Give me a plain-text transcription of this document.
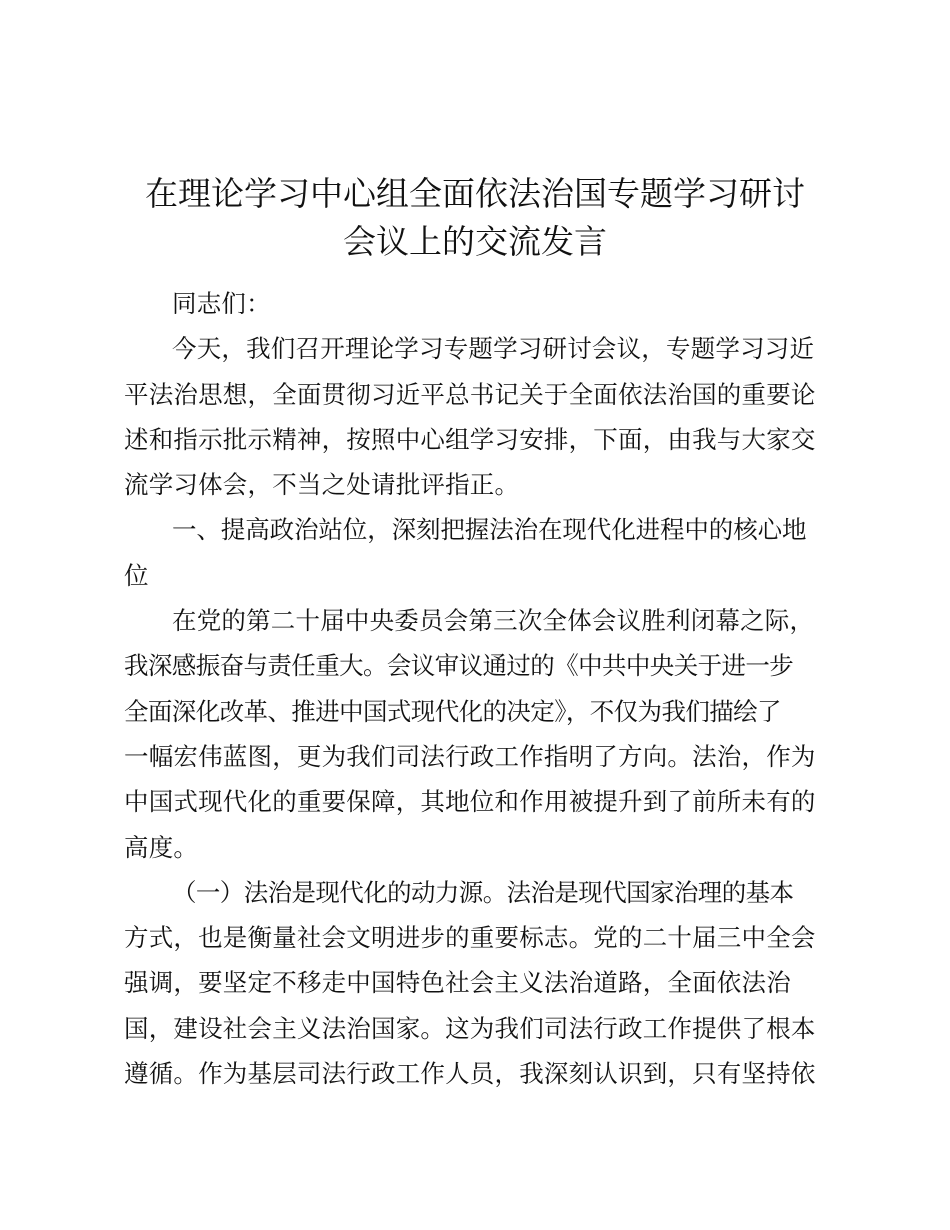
在理论学习中心组全面依法治国专题学习研讨
会议上的交流发言
同志们：
今天，我们召开理论学习专题学习研讨会议，专题学习习近
平法治思想，全面贯彻习近平总书记关于全面依法治国的重要论
述和指示批示精神，按照中心组学习安排，下面，由我与大家交
流学习体会，不当之处请批评指正。
一、提高政治站位，深刻把握法治在现代化进程中的核心地
位
在党的第二十届中央委员会第三次全体会议胜利闭幕之际，
我深感振奋与责任重大。会议审议通过的《中共中央关于进一步
全面深化改革、推进中国式现代化的决定》，不仅为我们描绘了
一幅宏伟蓝图，更为我们司法行政工作指明了方向。法治，作为
中国式现代化的重要保障，其地位和作用被提升到了前所未有的
高度。
（一）法治是现代化的动力源。法治是现代国家治理的基本
方式，也是衡量社会文明进步的重要标志。党的二十届三中全会
强调，要坚定不移走中国特色社会主义法治道路，全面依法治
国，建设社会主义法治国家。这为我们司法行政工作提供了根本
遵循。作为基层司法行政工作人员，我深刻认识到，只有坚持依
